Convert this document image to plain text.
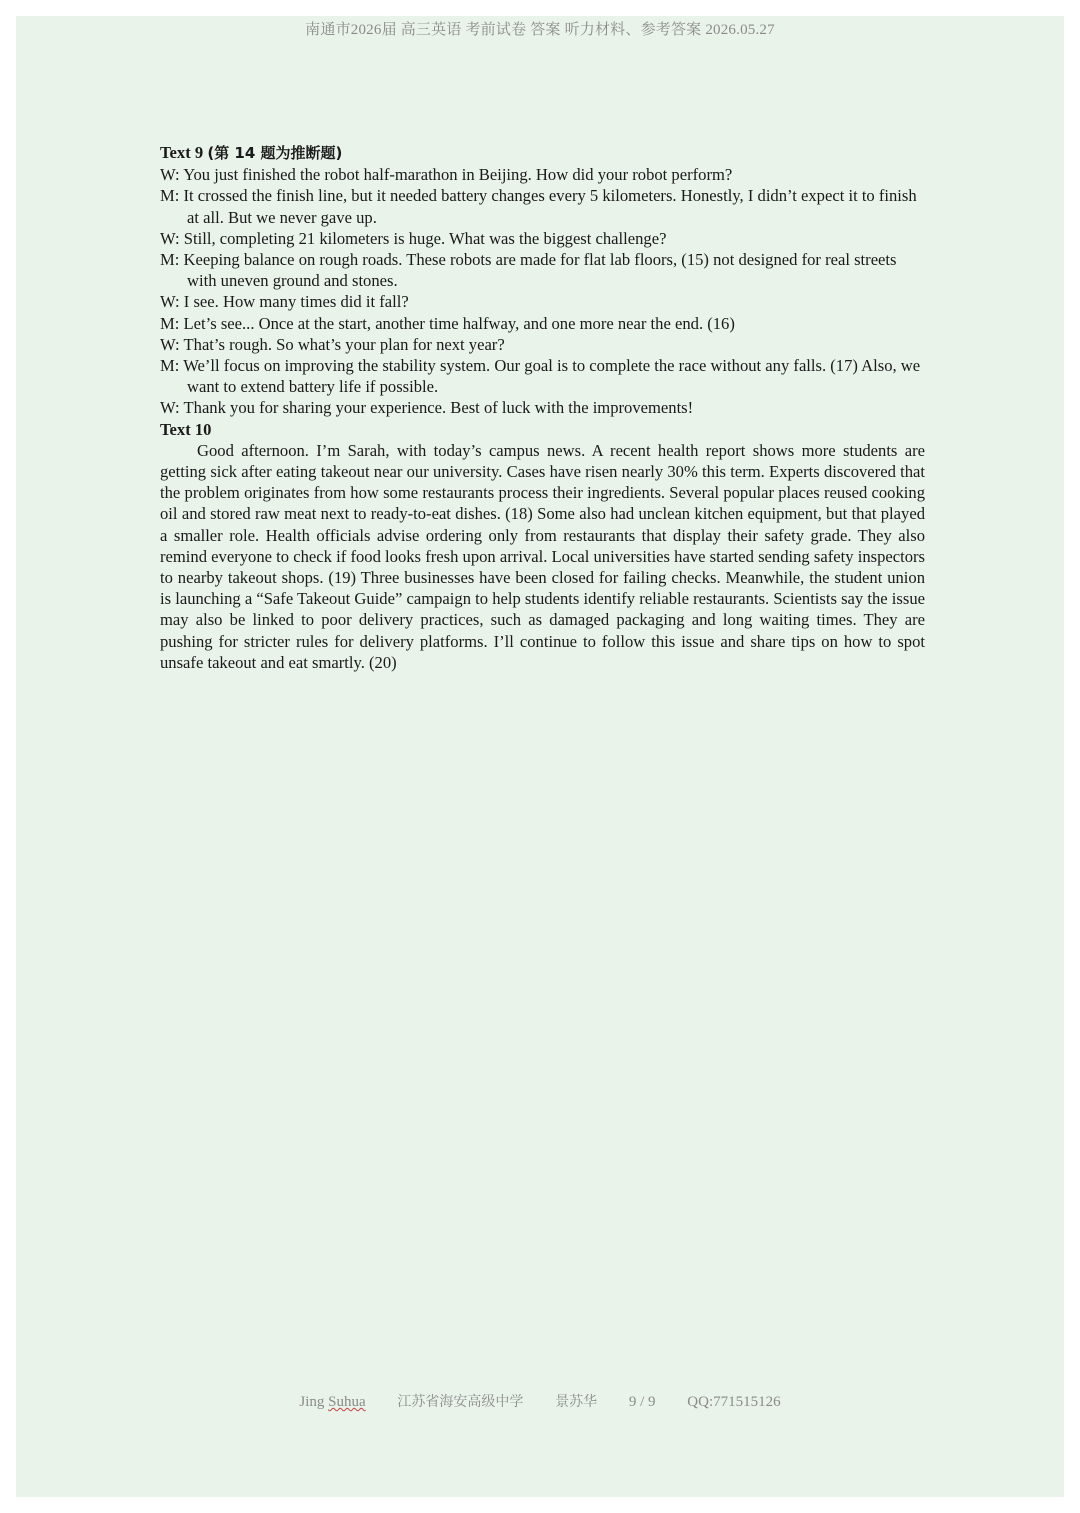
南通市2026届 高三英语 考前试卷 答案 听力材料、参考答案 2026.05.27
Text 9 (第 14 题为推断题)
W: You just finished the robot half-marathon in Beijing. How did your robot perform?
M: It crossed the finish line, but it needed battery changes every 5 kilometers. Honestly, I didn’t expect it to finish at all. But we never gave up.
W: Still, completing 21 kilometers is huge. What was the biggest challenge?
M: Keeping balance on rough roads. These robots are made for flat lab floors, (15) not designed for real streets with uneven ground and stones.
W: I see. How many times did it fall?
M: Let’s see... Once at the start, another time halfway, and one more near the end. (16)
W: That’s rough. So what’s your plan for next year?
M: We’ll focus on improving the stability system. Our goal is to complete the race without any falls. (17) Also, we want to extend battery life if possible.
W: Thank you for sharing your experience. Best of luck with the improvements!
Text 10

Good afternoon. I’m Sarah, with today’s campus news. A recent health report shows more students are getting sick after eating takeout near our university. Cases have risen nearly 30% this term. Experts discovered that the problem originates from how some restaurants process their ingredients. Several popular places reused cooking oil and stored raw meat next to ready-to-eat dishes. (18) Some also had unclean kitchen equipment, but that played a smaller role. Health officials advise ordering only from restaurants that display their safety grade. They also remind everyone to check if food looks fresh upon arrival. Local universities have started sending safety inspectors to nearby takeout shops. (19) Three businesses have been closed for failing checks. Meanwhile, the student union is launching a “Safe Takeout Guide” campaign to help students identify reliable restaurants. Scientists say the issue may also be linked to poor delivery practices, such as damaged packaging and long waiting times. They are pushing for stricter rules for delivery platforms. I’ll continue to follow this issue and share tips on how to spot unsafe takeout and eat smartly. (20)

Jing Suhua 江苏省海安高级中学 景苏华 9 / 9 QQ:771515126
